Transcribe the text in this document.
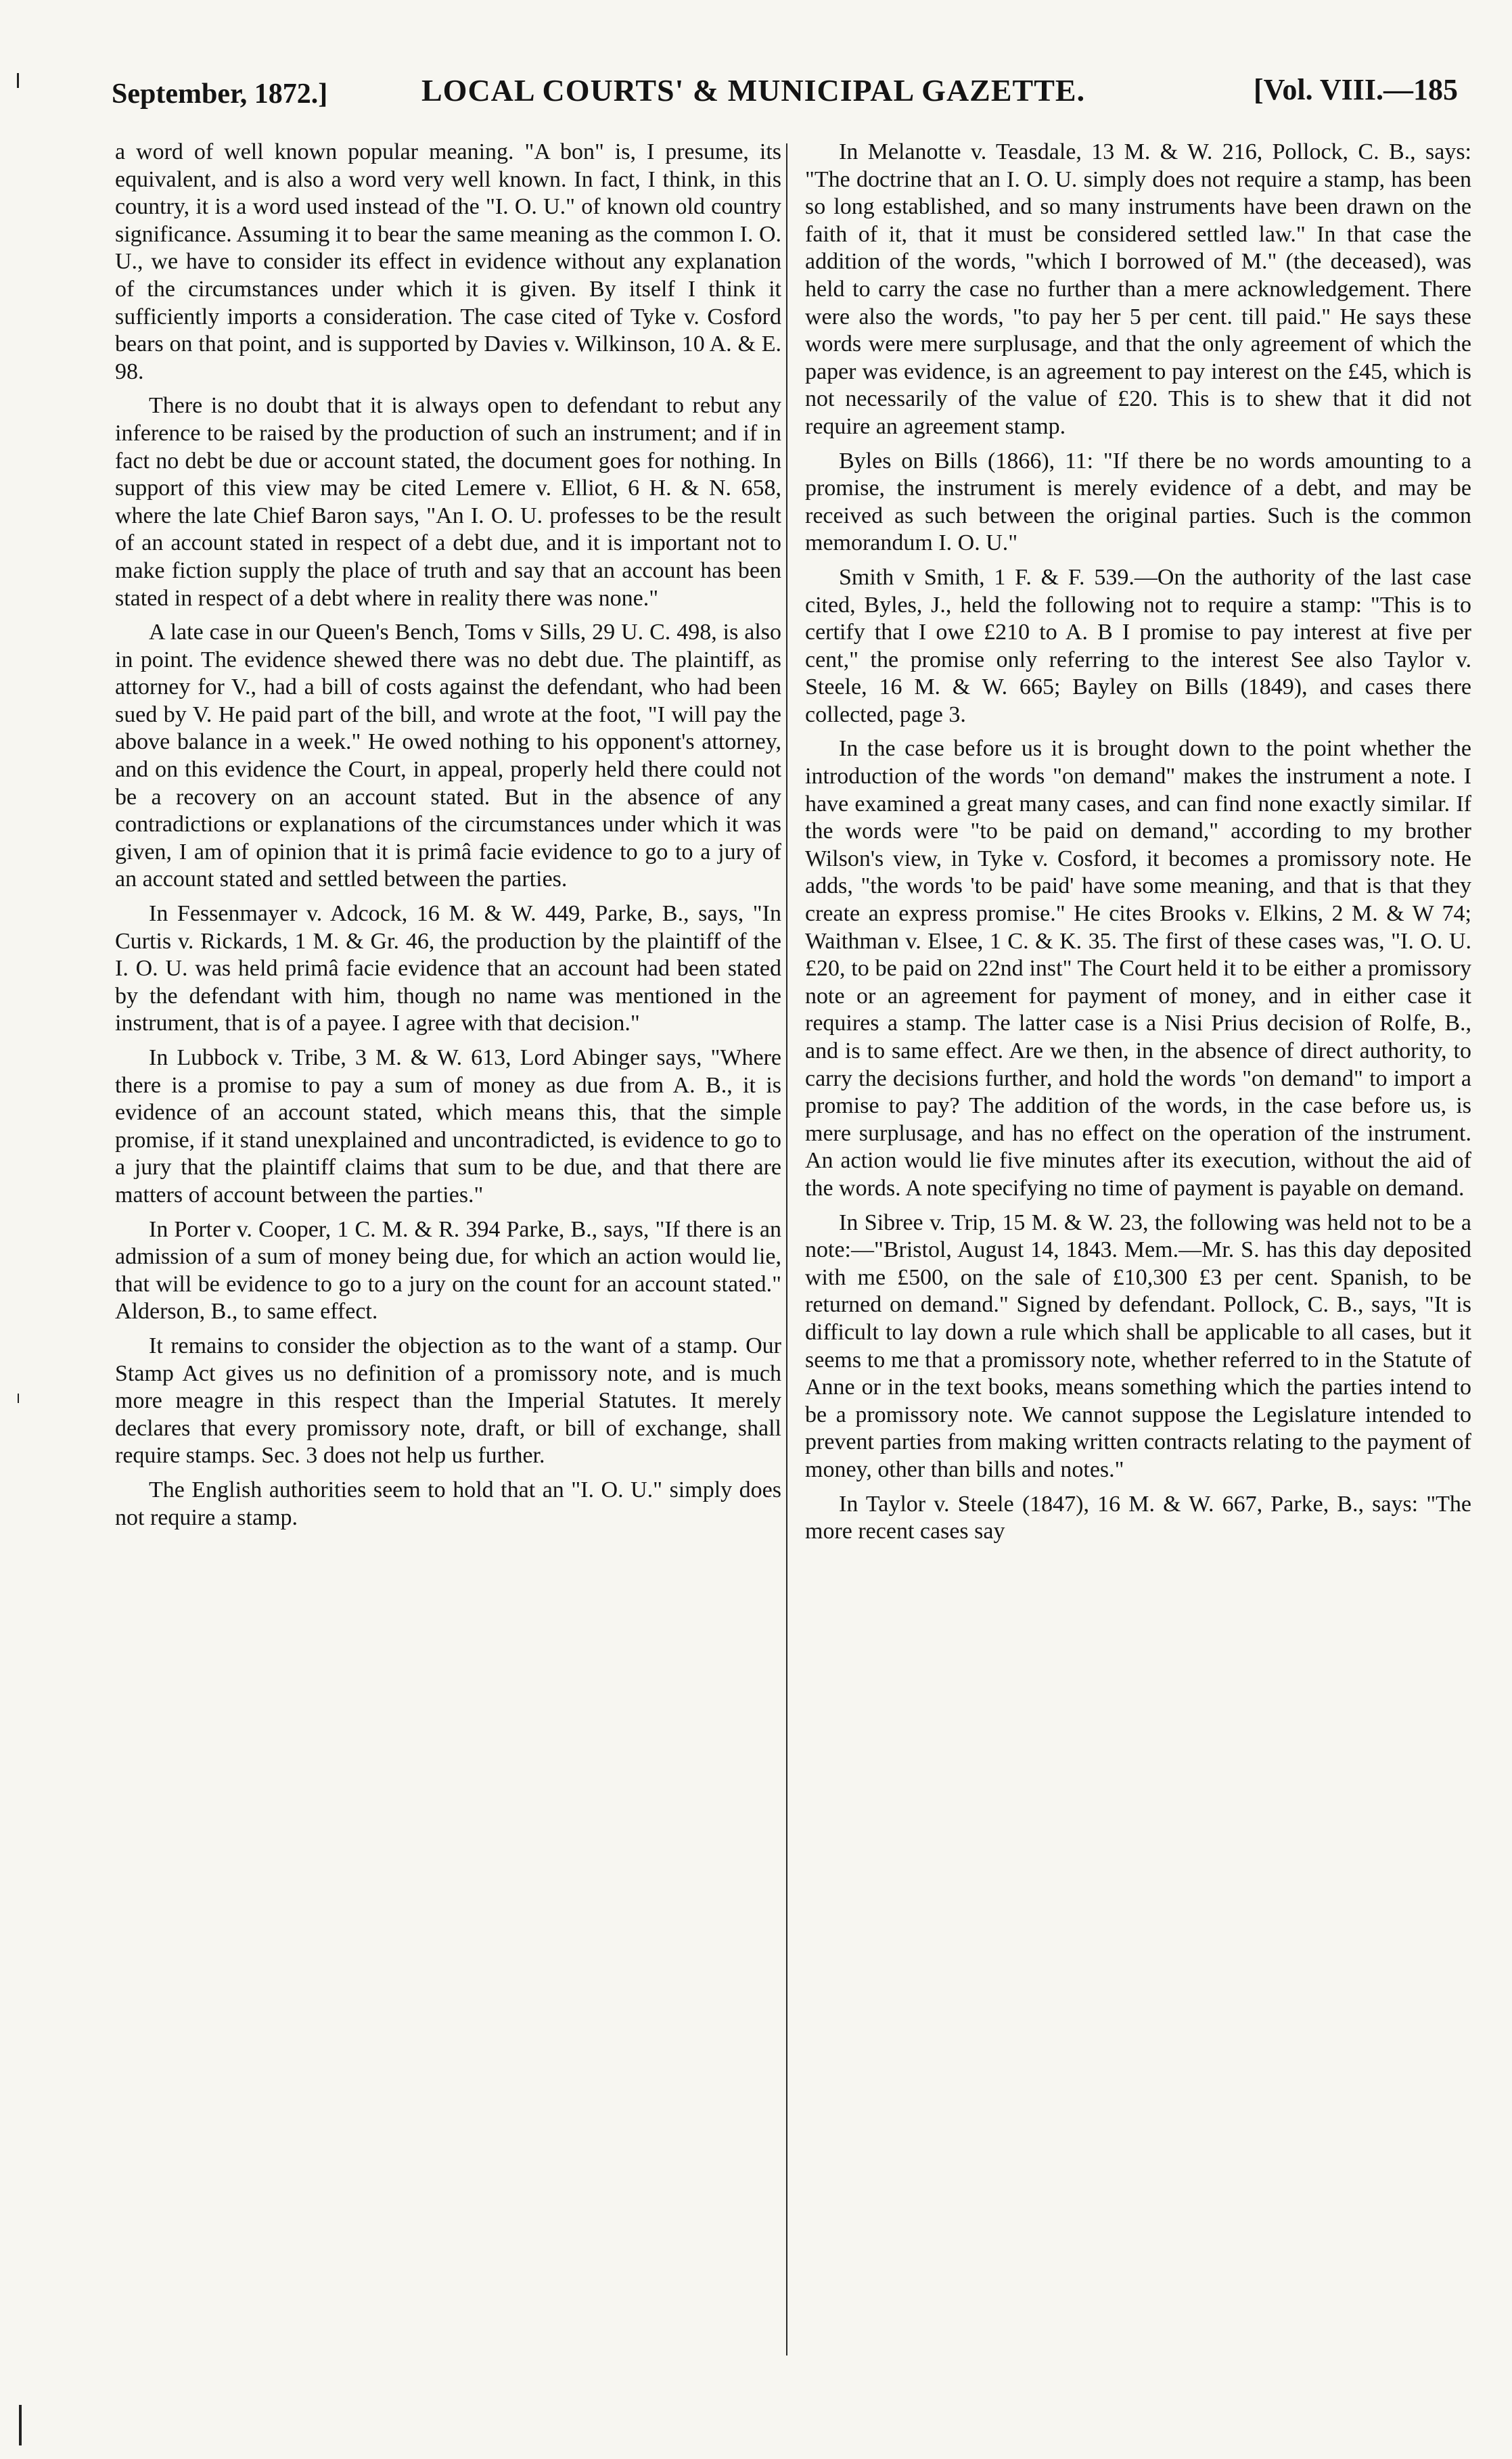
September, 1872.]	LOCAL COURTS' & MUNICIPAL GAZETTE.	[Vol. VIII.—185

a word of well known popular meaning. "A bon" is, I presume, its equivalent, and is also a word very well known. In fact, I think, in this country, it is a word used instead of the "I. O. U." of known old country significance. Assuming it to bear the same meaning as the common I. O. U., we have to consider its effect in evidence without any explanation of the circumstances under which it is given. By itself I think it sufficiently imports a consideration. The case cited of Tyke v. Cosford bears on that point, and is supported by Davies v. Wilkinson, 10 A. & E. 98.

There is no doubt that it is always open to defendant to rebut any inference to be raised by the production of such an instrument; and if in fact no debt be due or account stated, the document goes for nothing. In support of this view may be cited Lemere v. Elliot, 6 H. & N. 658, where the late Chief Baron says, "An I. O. U. professes to be the result of an account stated in respect of a debt due, and it is important not to make fiction supply the place of truth and say that an account has been stated in respect of a debt where in reality there was none."

A late case in our Queen's Bench, Toms v Sills, 29 U. C. 498, is also in point. The evidence shewed there was no debt due. The plaintiff, as attorney for V., had a bill of costs against the defendant, who had been sued by V. He paid part of the bill, and wrote at the foot, "I will pay the above balance in a week." He owed nothing to his opponent's attorney, and on this evidence the Court, in appeal, properly held there could not be a recovery on an account stated. But in the absence of any contradictions or explanations of the circumstances under which it was given, I am of opinion that it is primâ facie evidence to go to a jury of an account stated and settled between the parties.

In Fessenmayer v. Adcock, 16 M. & W. 449, Parke, B., says, "In Curtis v. Rickards, 1 M. & Gr. 46, the production by the plaintiff of the I. O. U. was held primâ facie evidence that an account had been stated by the defendant with him, though no name was mentioned in the instrument, that is of a payee. I agree with that decision."

In Lubbock v. Tribe, 3 M. & W. 613, Lord Abinger says, "Where there is a promise to pay a sum of money as due from A. B., it is evidence of an account stated, which means this, that the simple promise, if it stand unexplained and uncontradicted, is evidence to go to a jury that the plaintiff claims that sum to be due, and that there are matters of account between the parties."

In Porter v. Cooper, 1 C. M. & R. 394 Parke, B., says, "If there is an admission of a sum of money being due, for which an action would lie, that will be evidence to go to a jury on the count for an account stated." Alderson, B., to same effect.

It remains to consider the objection as to the want of a stamp. Our Stamp Act gives us no definition of a promissory note, and is much more meagre in this respect than the Imperial Statutes. It merely declares that every promissory note, draft, or bill of exchange, shall require stamps. Sec. 3 does not help us further.

The English authorities seem to hold that an "I. O. U." simply does not require a stamp.

In Melanotte v. Teasdale, 13 M. & W. 216, Pollock, C. B., says: "The doctrine that an I. O. U. simply does not require a stamp, has been so long established, and so many instruments have been drawn on the faith of it, that it must be considered settled law." In that case the addition of the words, "which I borrowed of M." (the deceased), was held to carry the case no further than a mere acknowledgement. There were also the words, "to pay her 5 per cent. till paid." He says these words were mere surplusage, and that the only agreement of which the paper was evidence, is an agreement to pay interest on the £45, which is not necessarily of the value of £20. This is to shew that it did not require an agreement stamp.

Byles on Bills (1866), 11: "If there be no words amounting to a promise, the instrument is merely evidence of a debt, and may be received as such between the original parties. Such is the common memorandum I. O. U."

Smith v Smith, 1 F. & F. 539.—On the authority of the last case cited, Byles, J., held the following not to require a stamp: "This is to certify that I owe £210 to A. B I promise to pay interest at five per cent," the promise only referring to the interest See also Taylor v. Steele, 16 M. & W. 665; Bayley on Bills (1849), and cases there collected, page 3.

In the case before us it is brought down to the point whether the introduction of the words "on demand" makes the instrument a note. I have examined a great many cases, and can find none exactly similar. If the words were "to be paid on demand," according to my brother Wilson's view, in Tyke v. Cosford, it becomes a promissory note. He adds, "the words 'to be paid' have some meaning, and that is that they create an express promise." He cites Brooks v. Elkins, 2 M. & W 74; Waithman v. Elsee, 1 C. & K. 35. The first of these cases was, "I. O. U. £20, to be paid on 22nd inst" The Court held it to be either a promissory note or an agreement for payment of money, and in either case it requires a stamp. The latter case is a Nisi Prius decision of Rolfe, B., and is to same effect. Are we then, in the absence of direct authority, to carry the decisions further, and hold the words "on demand" to import a promise to pay? The addition of the words, in the case before us, is mere surplusage, and has no effect on the operation of the instrument. An action would lie five minutes after its execution, without the aid of the words. A note specifying no time of payment is payable on demand.

In Sibree v. Trip, 15 M. & W. 23, the following was held not to be a note:—"Bristol, August 14, 1843. Mem.—Mr. S. has this day deposited with me £500, on the sale of £10,300 £3 per cent. Spanish, to be returned on demand." Signed by defendant. Pollock, C. B., says, "It is difficult to lay down a rule which shall be applicable to all cases, but it seems to me that a promissory note, whether referred to in the Statute of Anne or in the text books, means something which the parties intend to be a promissory note. We cannot suppose the Legislature intended to prevent parties from making written contracts relating to the payment of money, other than bills and notes."

In Taylor v. Steele (1847), 16 M. & W. 667, Parke, B., says: "The more recent cases say
